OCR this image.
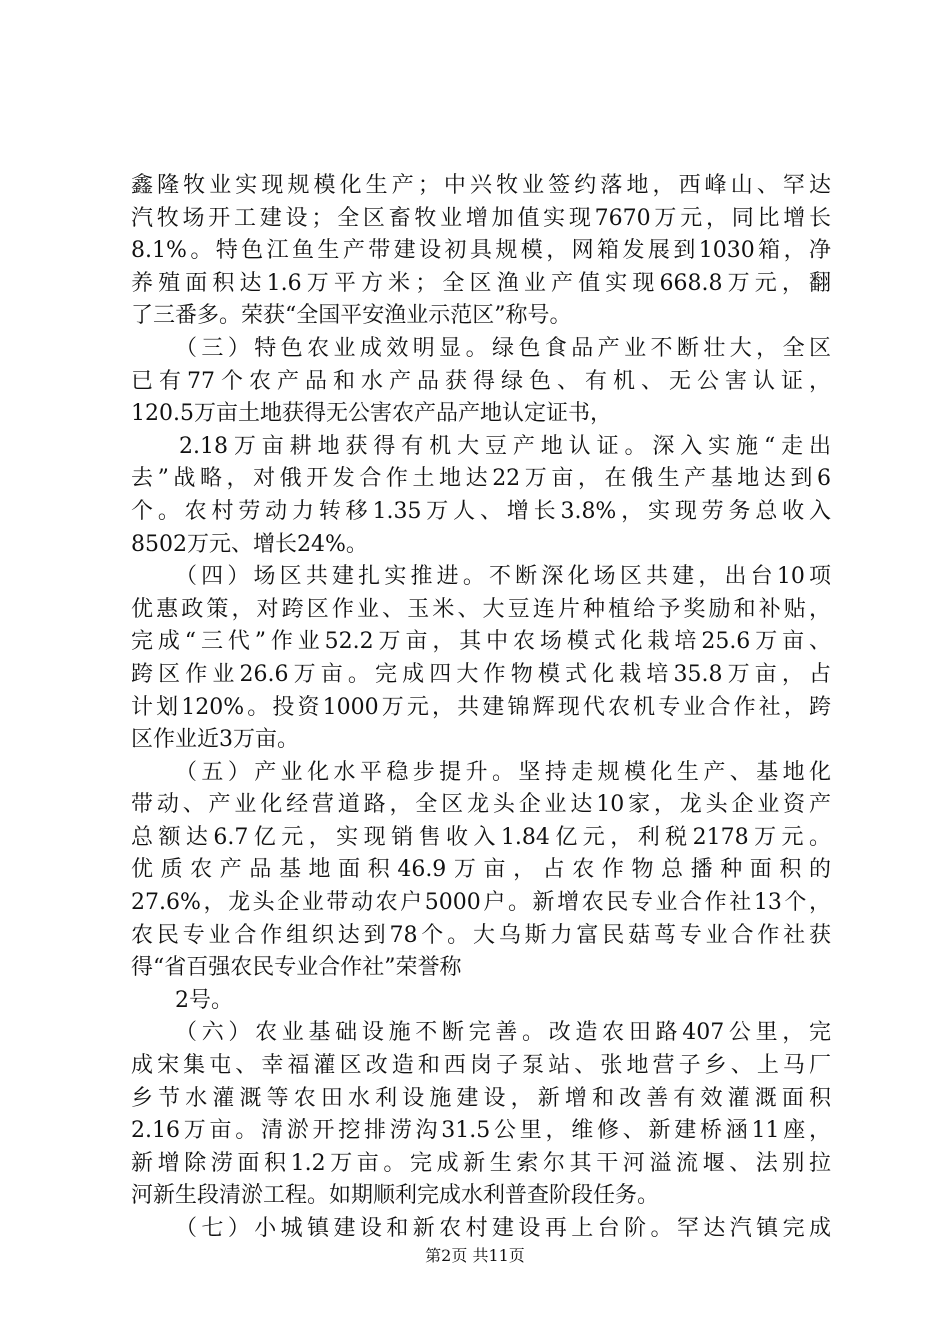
鑫隆牧业实现规模化生产；中兴牧业签约落地，西峰山、罕达
汽牧场开工建设；全区畜牧业增加值实现7670万元，同比增长
8.1%。特色江鱼生产带建设初具规模，网箱发展到1030箱，净
养殖面积达1.6万平方米；全区渔业产值实现668.8万元，翻
了三番多。荣获“全国平安渔业示范区”称号。
（三）特色农业成效明显。绿色食品产业不断壮大，全区
已有77个农产品和水产品获得绿色、有机、无公害认证，
120.5万亩土地获得无公害农产品产地认定证书，
2.18万亩耕地获得有机大豆产地认证。深入实施“走出
去”战略，对俄开发合作土地达22万亩，在俄生产基地达到6
个。农村劳动力转移1.35万人、增长3.8%，实现劳务总收入
8502万元、增长24%。
（四）场区共建扎实推进。不断深化场区共建，出台10项
优惠政策，对跨区作业、玉米、大豆连片种植给予奖励和补贴，
完成“三代”作业52.2万亩，其中农场模式化栽培25.6万亩、
跨区作业26.6万亩。完成四大作物模式化栽培35.8万亩，占
计划120%。投资1000万元，共建锦辉现代农机专业合作社，跨
区作业近3万亩。
（五）产业化水平稳步提升。坚持走规模化生产、基地化
带动、产业化经营道路，全区龙头企业达10家，龙头企业资产
总额达6.7亿元，实现销售收入1.84亿元，利税2178万元。
优质农产品基地面积46.9万亩，占农作物总播种面积的
27.6%，龙头企业带动农户5000户。新增农民专业合作社13个，
农民专业合作组织达到78个。大乌斯力富民菇茑专业合作社获
得“省百强农民专业合作社”荣誉称
2号。
（六）农业基础设施不断完善。改造农田路407公里，完
成宋集屯、幸福灌区改造和西岗子泵站、张地营子乡、上马厂
乡节水灌溉等农田水利设施建设，新增和改善有效灌溉面积
2.16万亩。清淤开挖排涝沟31.5公里，维修、新建桥涵11座，
新增除涝面积1.2万亩。完成新生索尔其干河溢流堰、法别拉
河新生段清淤工程。如期顺利完成水利普查阶段任务。
（七）小城镇建设和新农村建设再上台阶。罕达汽镇完成
第2页 共11页
